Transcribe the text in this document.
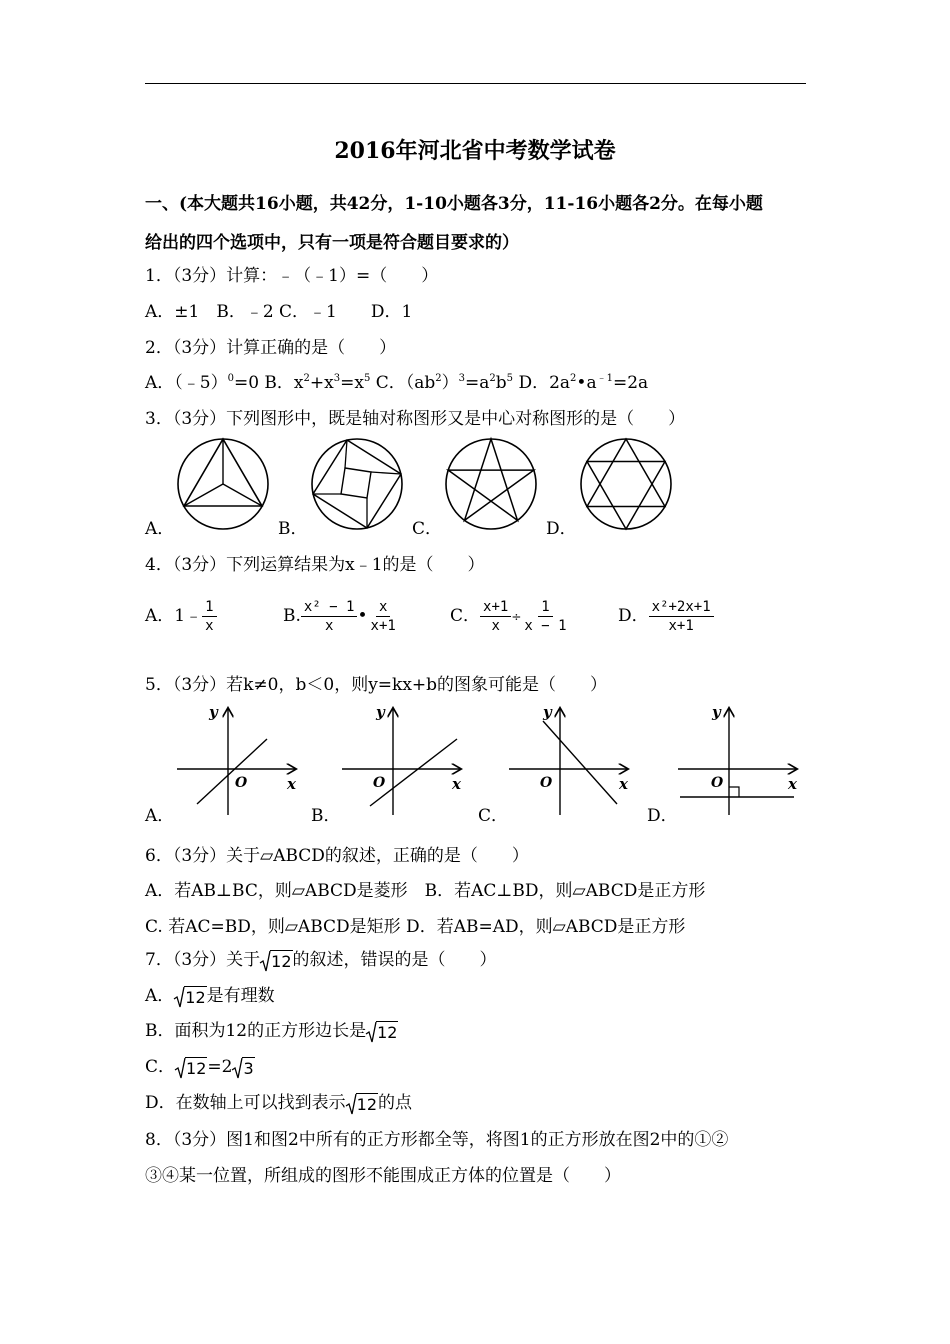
2016年河北省中考数学试卷
一、(本大题共16小题，共42分，1-10小题各3分，11-16小题各2分。在每小题
给出的四个选项中，只有一项是符合题目要求的）
1．（3分）计算：﹣（﹣1）=（　　）
A．±1　B．﹣2 C．﹣1　　D．1
2．（3分）计算正确的是（　　）
A．（﹣5）$^0$=0 B．$x^2+x^3=x^5$ C．$(ab^2)^3=a^2b^5$ D．$2a^2•a^{﹣1}=2a$
3．（3分）下列图形中，既是轴对称图形又是中心对称图形的是（　　）
A．	B．	C．	D．
4．（3分）下列运算结果为x﹣1的是（　　）
A．1﹣ $\frac{1}{x}$	B. $\frac{\text{x² − 1}}{x}$ • $\frac{x}{x+1}$	C． $\frac{x+1}{x} \div \frac{1}{x - 1}$	D． $\frac{\text{x²+2x+1}}{x+1}$
5．（3分）若k≠0，b＜0，则y=kx+b的图象可能是（　　）
A．	B．	C．	D．
y
x
O
y
x
O
y
x
O
y
x
O
6．（3分）关于▱ABCD的叙述，正确的是（　　）
A．若AB⊥BC，则▱ABCD是菱形　B．若AC⊥BD，则▱ABCD是正方形
C. 若AC=BD，则▱ABCD是矩形 D．若AB=AD，则▱ABCD是正方形
7．（3分）关于 12 的叙述，错误的是（　　）
A． 12 是有理数
B．面积为12的正方形边长是 12
C． 12 =2 3
D．在数轴上可以找到表示 12 的点
8．（3分）图1和图2中所有的正方形都全等，将图1的正方形放在图2中的①②
③④某一位置，所组成的图形不能围成正方体的位置是（　　）
